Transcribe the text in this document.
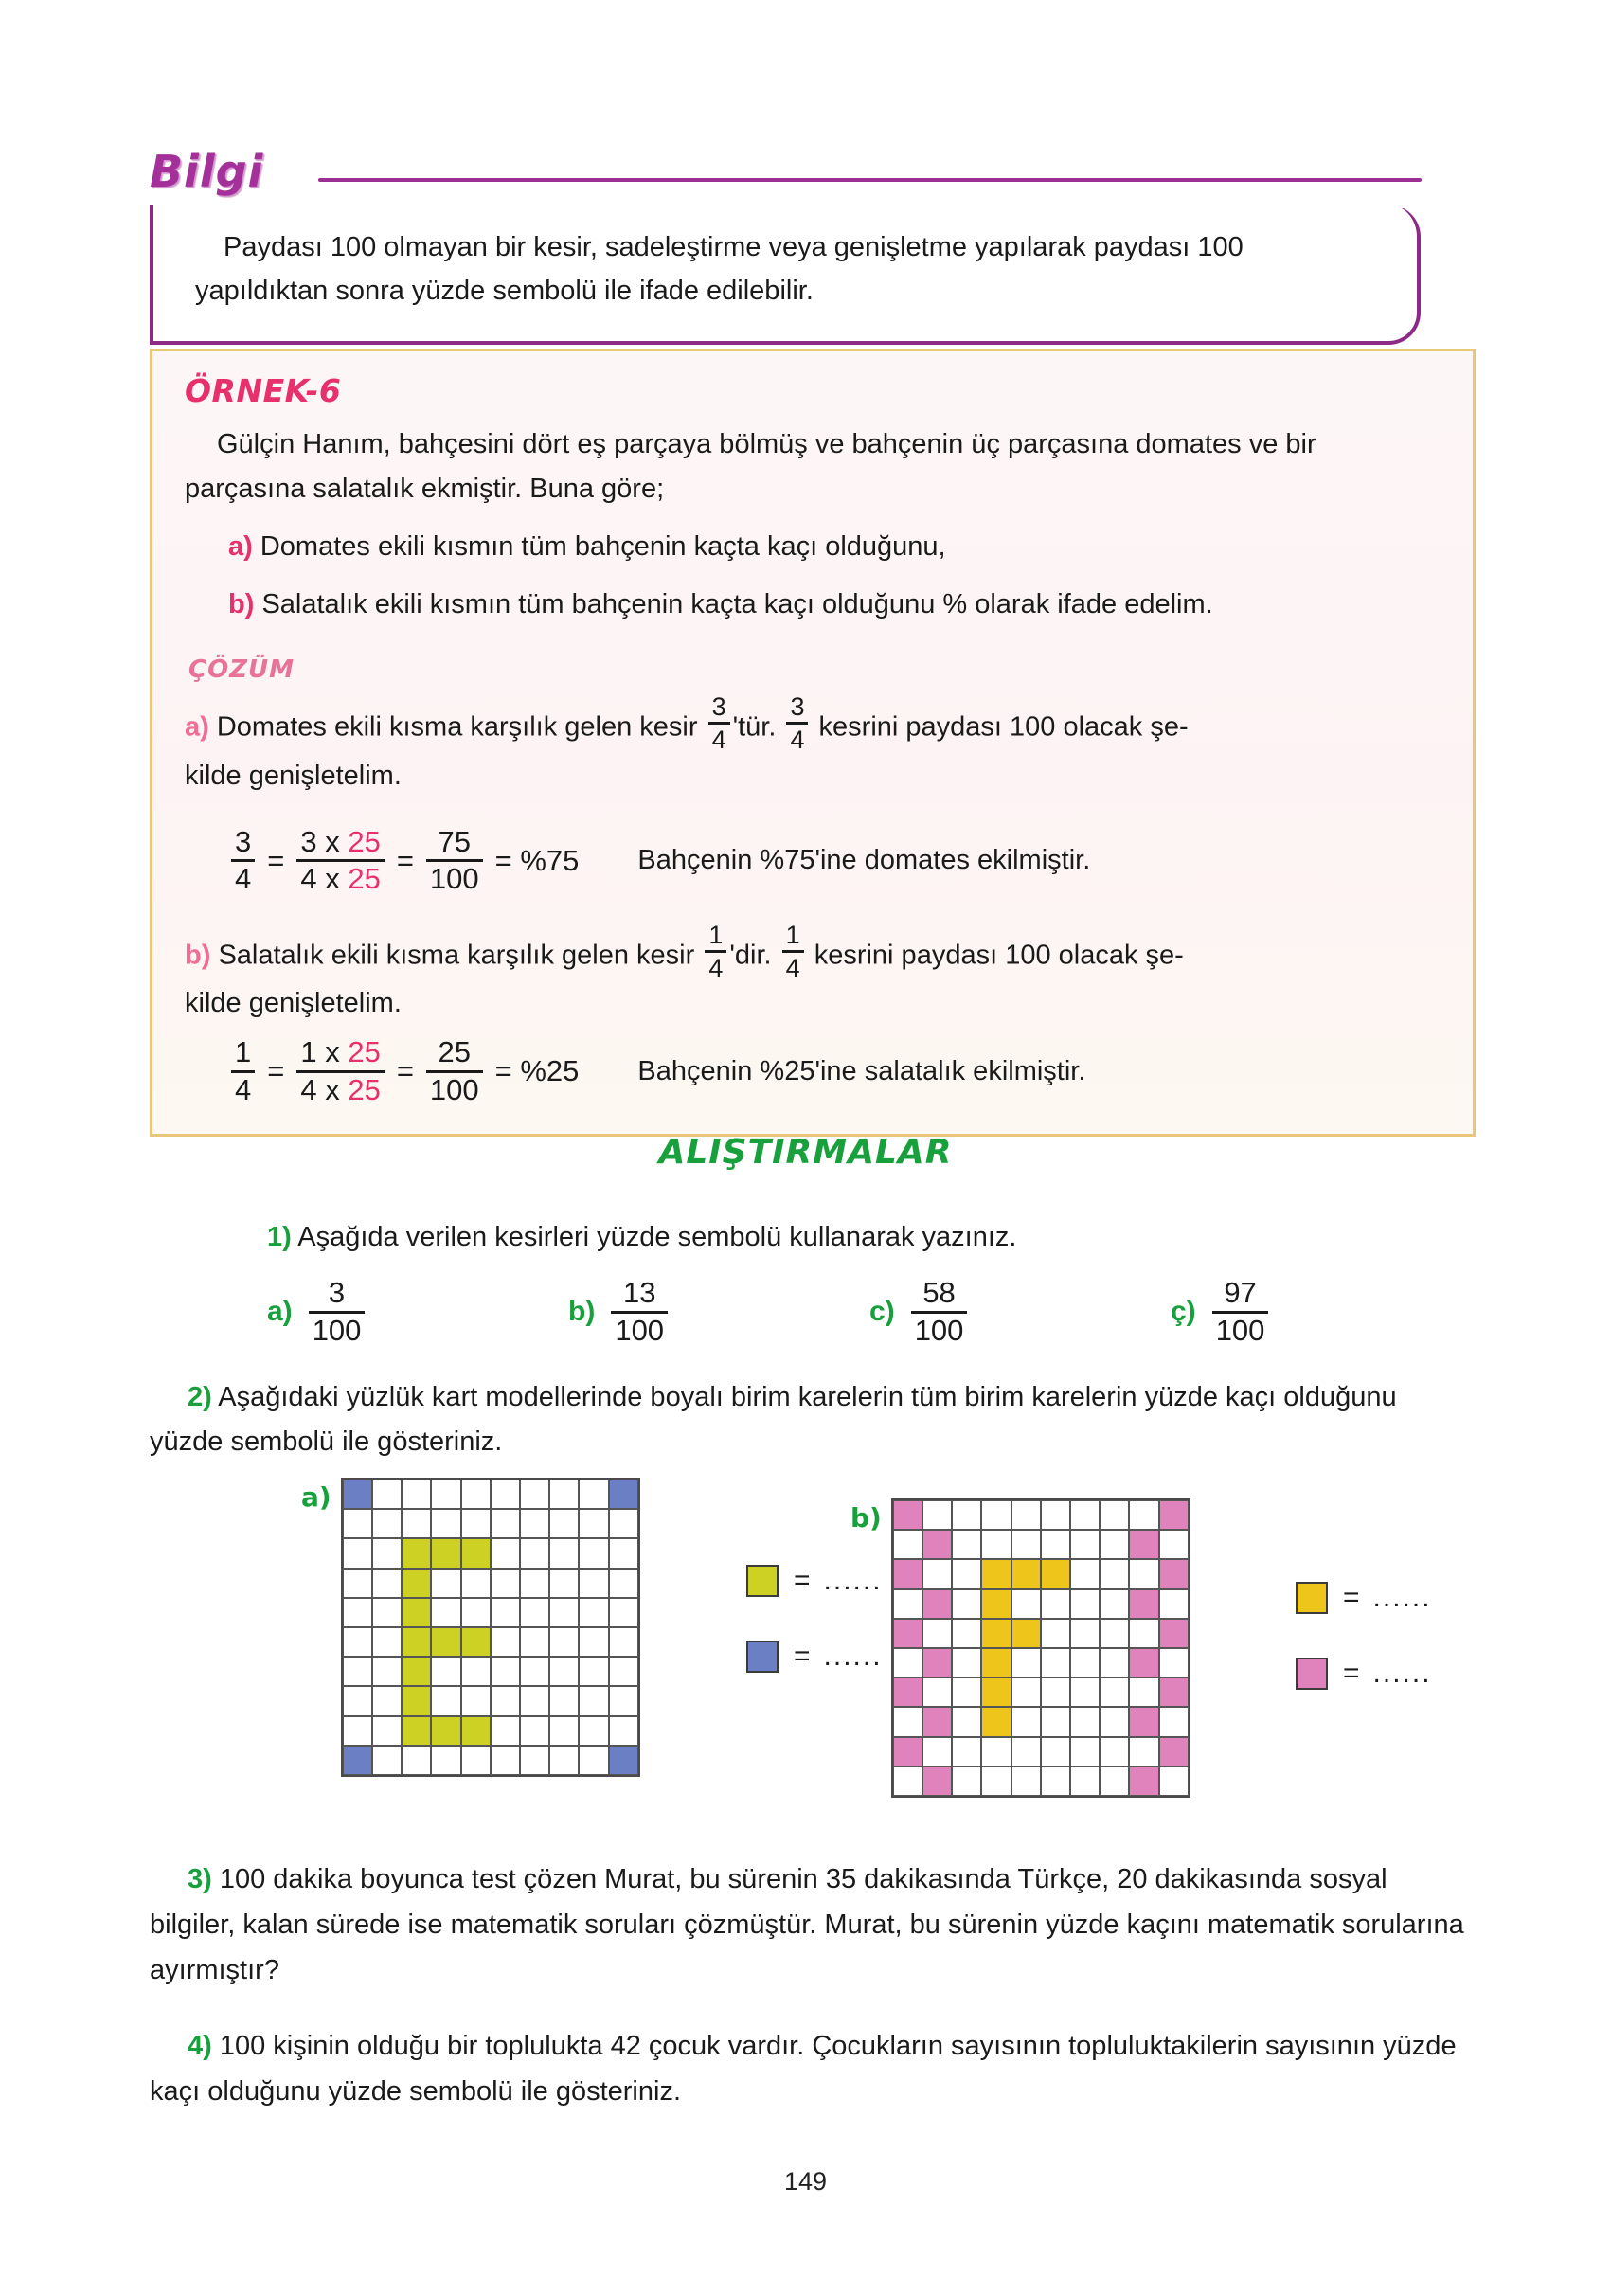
Bilgi
Paydası 100 olmayan bir kesir, sadeleştirme veya genişletme yapılarak paydası 100 yapıldıktan sonra yüzde sembolü ile ifade edilebilir.
ÖRNEK-6
Gülçin Hanım, bahçesini dört eş parçaya bölmüş ve bahçenin üç parçasına domates ve bir parçasına salatalık ekmiştir. Buna göre;
a) Domates ekili kısmın tüm bahçenin kaçta kaçı olduğunu,
b) Salatalık ekili kısmın tüm bahçenin kaçta kaçı olduğunu % olarak ifade edelim.
ÇÖZÜM
a) Domates ekili kısma karşılık gelen kesir $\frac{3}{4}$ 'tür. $\frac{3}{4}$ kesrini paydası 100 olacak şe-
kilde genişletelim.
$\frac{3}{4} = \frac{3 x 25}{4 x 25} = \frac{75}{100} = \%75$ Bahçenin %75'ine domates ekilmiştir.
b) Salatalık ekili kısma karşılık gelen kesir $\frac{1}{4}$ 'dir. $\frac{1}{4}$ kesrini paydası 100 olacak şe-
kilde genişletelim.
$\frac{1}{4} = \frac{1 x 25}{4 x 25} = \frac{25}{100} = \%25$ Bahçenin %25'ine salatalık ekilmiştir.
ALIŞTIRMALAR
1) Aşağıda verilen kesirleri yüzde sembolü kullanarak yazınız.
$a) \frac{3}{100}$	$b) \frac{13}{100}$	$c) \frac{58}{100}$	ç) $\frac{97}{100}$
2) Aşağıdaki yüzlük kart modellerinde boyalı birim karelerin tüm birim karelerin yüzde kaçı olduğunu yüzde sembolü ile gösteriniz.
a)
= ......
= ......
b)
= ......
= ......
3) 100 dakika boyunca test çözen Murat, bu sürenin 35 dakikasında Türkçe, 20 dakikasında sosyal bilgiler, kalan sürede ise matematik soruları çözmüştür. Murat, bu sürenin yüzde kaçını matematik sorularına ayırmıştır?
4) 100 kişinin olduğu bir toplulukta 42 çocuk vardır. Çocukların sayısının topluluktakilerin sayısının yüzde kaçı olduğunu yüzde sembolü ile gösteriniz.
149
